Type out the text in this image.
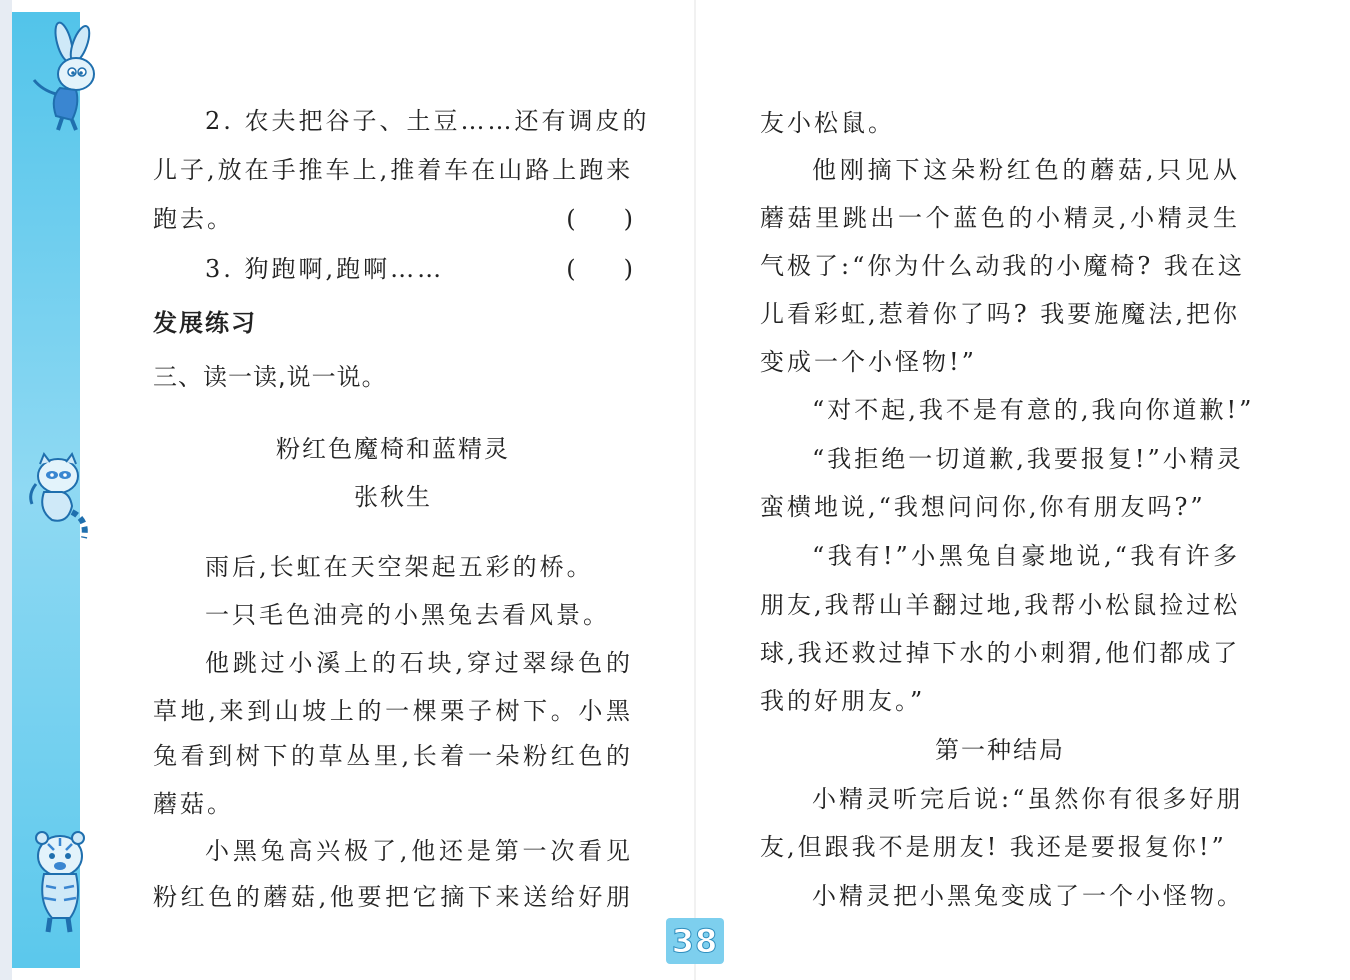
2. 农夫把谷子、土豆……还有调皮的
儿子,放在手推车上,推着车在山路上跑来
跑去。	(　　)
3. 狗跑啊,跑啊……	(　　)
发展练习
三、读一读,说一说。
粉红色魔椅和蓝精灵
张秋生
雨后,长虹在天空架起五彩的桥。
一只毛色油亮的小黑兔去看风景。
他跳过小溪上的石块,穿过翠绿色的
草地,来到山坡上的一棵栗子树下。小黑
兔看到树下的草丛里,长着一朵粉红色的
蘑菇。
小黑兔高兴极了,他还是第一次看见
粉红色的蘑菇,他要把它摘下来送给好朋
友小松鼠。
他刚摘下这朵粉红色的蘑菇,只见从
蘑菇里跳出一个蓝色的小精灵,小精灵生
气极了:“你为什么动我的小魔椅? 我在这
儿看彩虹,惹着你了吗? 我要施魔法,把你
变成一个小怪物!”
“对不起,我不是有意的,我向你道歉!”
“我拒绝一切道歉,我要报复!”小精灵
蛮横地说,“我想问问你,你有朋友吗?”
“我有!”小黑兔自豪地说,“我有许多
朋友,我帮山羊翻过地,我帮小松鼠捡过松
球,我还救过掉下水的小刺猬,他们都成了
我的好朋友。”
第一种结局
小精灵听完后说:“虽然你有很多好朋
友,但跟我不是朋友! 我还是要报复你!”
小精灵把小黑兔变成了一个小怪物。
38
